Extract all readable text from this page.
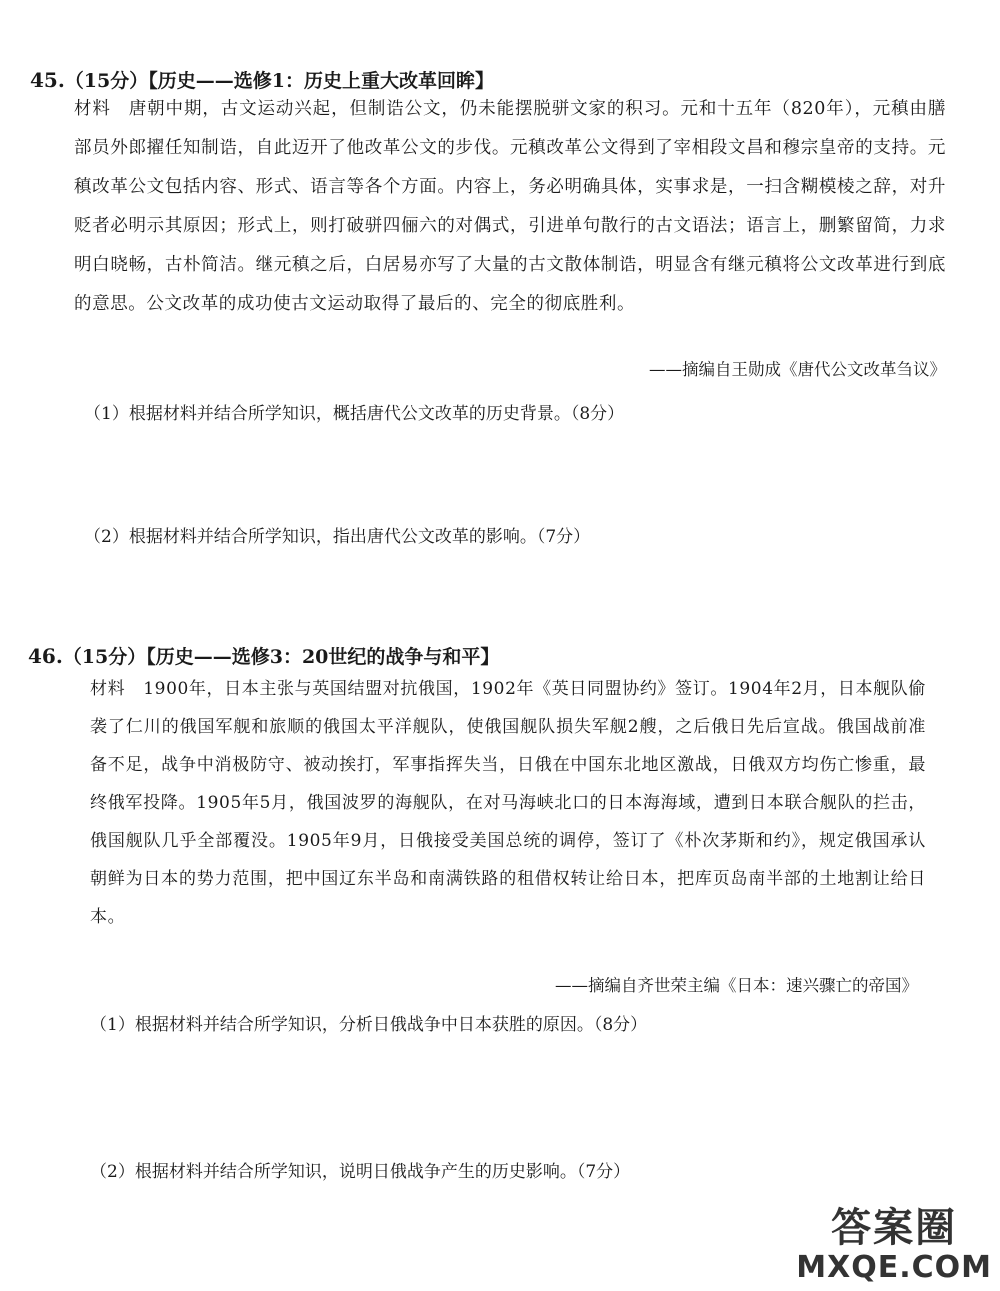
45.（15分）【历史——选修1：历史上重大改革回眸】
材料 唐朝中期，古文运动兴起，但制诰公文，仍未能摆脱骈文家的积习。元和十五年（820年），元稹由膳部员外郎擢任知制诰，自此迈开了他改革公文的步伐。元稹改革公文得到了宰相段文昌和穆宗皇帝的支持。元稹改革公文包括内容、形式、语言等各个方面。内容上，务必明确具体，实事求是，一扫含糊模棱之辞，对升贬者必明示其原因；形式上，则打破骈四俪六的对偶式，引进单句散行的古文语法；语言上，删繁留简，力求明白晓畅，古朴简洁。继元稹之后，白居易亦写了大量的古文散体制诰，明显含有继元稹将公文改革进行到底的意思。公文改革的成功使古文运动取得了最后的、完全的彻底胜利。
——摘编自王勋成《唐代公文改革刍议》
（1）根据材料并结合所学知识，概括唐代公文改革的历史背景。（8分）
（2）根据材料并结合所学知识，指出唐代公文改革的影响。（7分）
46.（15分）【历史——选修3：20世纪的战争与和平】
材料 1900年，日本主张与英国结盟对抗俄国，1902年《英日同盟协约》签订。1904年2月，日本舰队偷袭了仁川的俄国军舰和旅顺的俄国太平洋舰队，使俄国舰队损失军舰2艘，之后俄日先后宣战。俄国战前准备不足，战争中消极防守、被动挨打，军事指挥失当，日俄在中国东北地区激战，日俄双方均伤亡惨重，最终俄军投降。1905年5月，俄国波罗的海舰队，在对马海峡北口的日本海海域，遭到日本联合舰队的拦击，俄国舰队几乎全部覆没。1905年9月，日俄接受美国总统的调停，签订了《朴次茅斯和约》，规定俄国承认朝鲜为日本的势力范围，把中国辽东半岛和南满铁路的租借权转让给日本，把库页岛南半部的土地割让给日本。
——摘编自齐世荣主编《日本：速兴骤亡的帝国》
（1）根据材料并结合所学知识，分析日俄战争中日本获胜的原因。（8分）
（2）根据材料并结合所学知识，说明日俄战争产生的历史影响。（7分）
答案圈
MXQE.COM
